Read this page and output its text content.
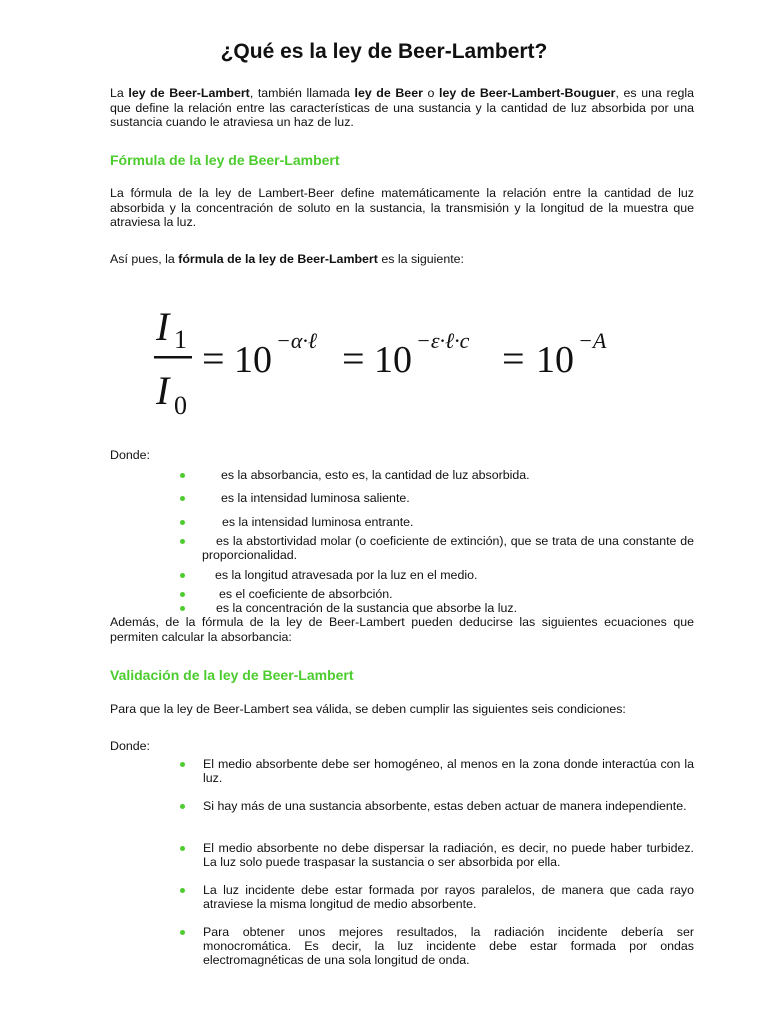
¿Qué es la ley de Beer-Lambert?

La ley de Beer-Lambert, también llamada ley de Beer o ley de Beer-Lambert-Bouguer, es una regla que define la relación entre las características de una sustancia y la cantidad de luz absorbida por una sustancia cuando le atraviesa un haz de luz.

Fórmula de la ley de Beer-Lambert

La fórmula de la ley de Lambert-Beer define matemáticamente la relación entre la cantidad de luz absorbida y la concentración de soluto en la sustancia, la transmisión y la longitud de la muestra que atraviesa la luz.

Así pues, la fórmula de la ley de Beer-Lambert es la siguiente:

I 1
I 0
= 10 −α·ℓ = 10 −ε·ℓ·c = 10 −A

Donde:

es la absorbancia, esto es, la cantidad de luz absorbida.

es la intensidad luminosa saliente.

es la intensidad luminosa entrante.

es la abstortividad molar (o coeficiente de extinción), que se trata de una constante de proporcionalidad.

es la longitud atravesada por la luz en el medio.

es el coeficiente de absorbción.

es la concentración de la sustancia que absorbe la luz.

Además, de la fórmula de la ley de Beer-Lambert pueden deducirse las siguientes ecuaciones que permiten calcular la absorbancia:

Validación de la ley de Beer-Lambert

Para que la ley de Beer-Lambert sea válida, se deben cumplir las siguientes seis condiciones:

Donde:

El medio absorbente debe ser homogéneo, al menos en la zona donde interactúa con la luz.

Si hay más de una sustancia absorbente, estas deben actuar de manera independiente.

El medio absorbente no debe dispersar la radiación, es decir, no puede haber turbidez. La luz solo puede traspasar la sustancia o ser absorbida por ella.

La luz incidente debe estar formada por rayos paralelos, de manera que cada rayo atraviese la misma longitud de medio absorbente.

Para obtener unos mejores resultados, la radiación incidente debería ser monocromática. Es decir, la luz incidente debe estar formada por ondas electromagnéticas de una sola longitud de onda.
